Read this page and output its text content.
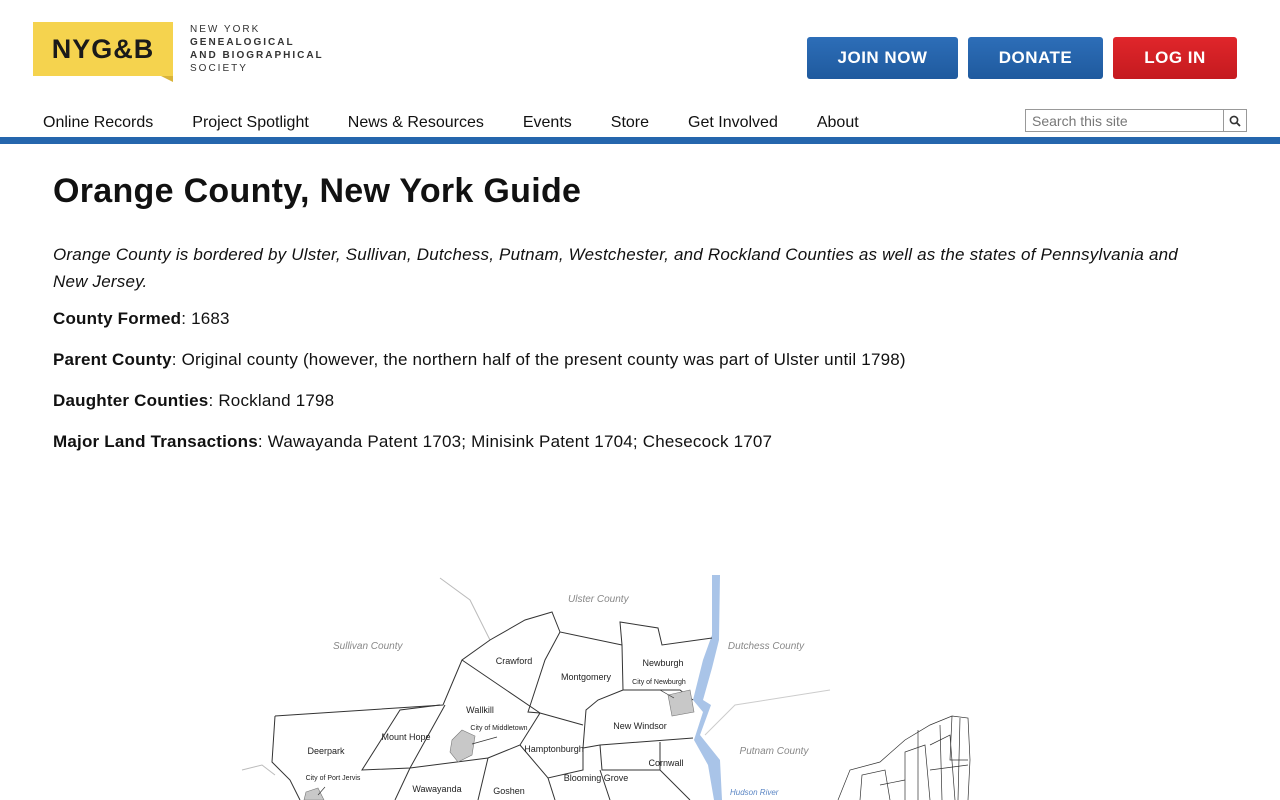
NYG&B
NEW YORK
GENEALOGICAL
AND BIOGRAPHICAL
SOCIETY
JOIN NOW	DONATE	LOG IN
Online Records Project Spotlight News & Resources Events Store Get Involved About
Search this site
Orange County, New York Guide

Orange County is bordered by Ulster, Sullivan, Dutchess, Putnam, Westchester, and Rockland Counties as well as the states of Pennsylvania and New Jersey.

County Formed: 1683

Parent County: Original county (however, the northern half of the present county was part of Ulster until 1798)

Daughter Counties: Rockland 1798

Major Land Transactions: Wawayanda Patent 1703; Minisink Patent 1704; Chesecock 1707

Ulster County
Sullivan County	Dutchess County
Putnam County
Hudson River
Crawford
Montgomery
Newburgh
City of Newburgh
Wallkill
City of Middletown
Mount Hope
Deerpark
City of Port Jervis
Hamptonburgh
New Windsor
Wawayanda	Goshen
Blooming Grove
Cornwall
